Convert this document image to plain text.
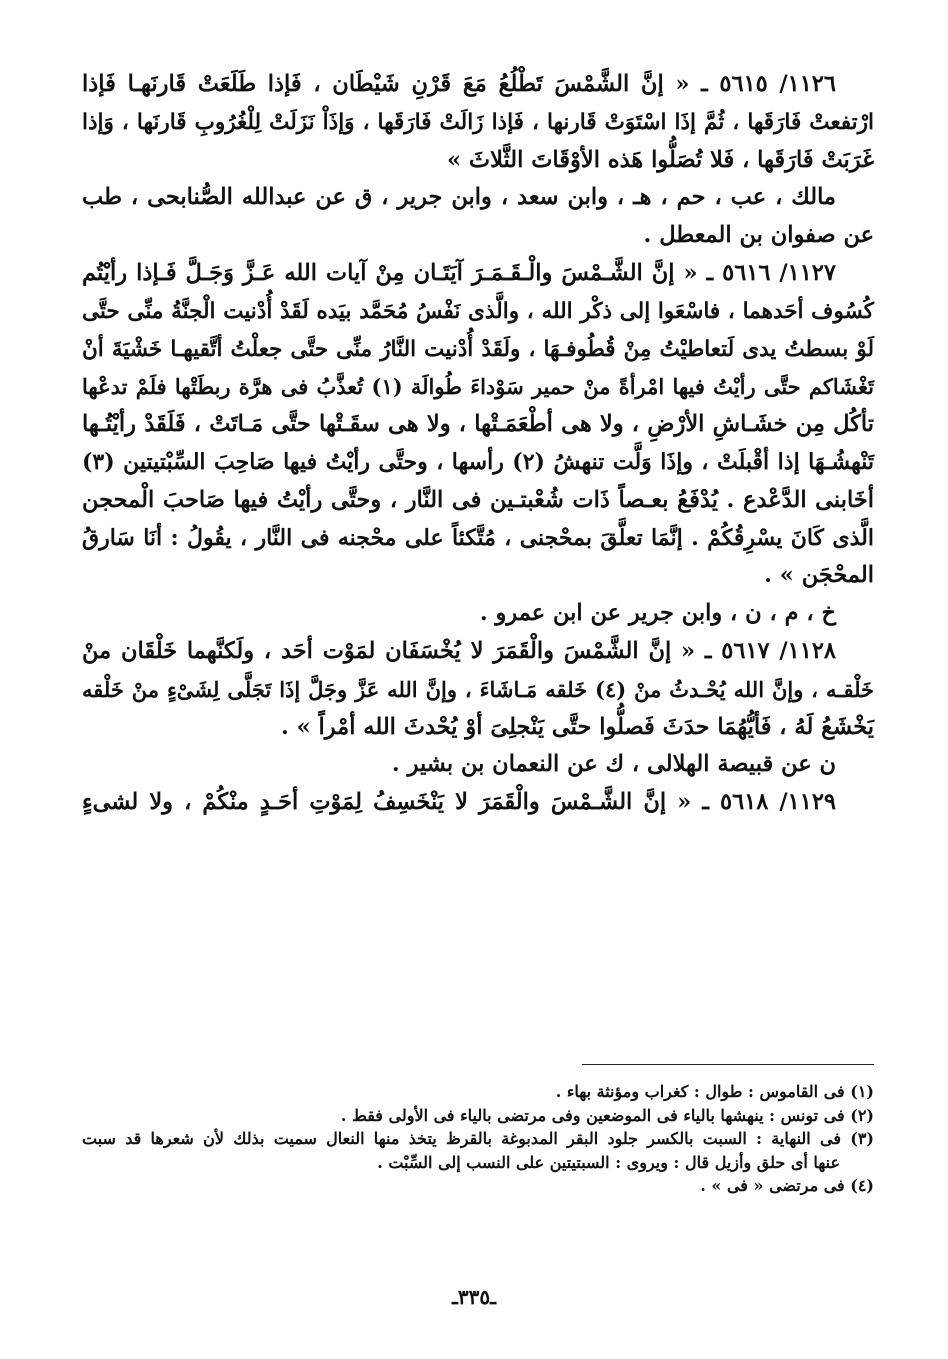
١١٢٦/ ٥٦١٥ ـ « إنَّ الشَّمْسَ تَطْلُعُ مَعَ قَرْنِ شَيْطَان ، فَإذا طَلَعَتْ قَارنَهـا فَإذا
ارْتفعتْ فَارَقَها ، ثُمَّ إذَا اسْتَوَتْ قَارنها ، فَإذا زَالَتْ فَارَقَها ، وَإذَاْ نَزَلَتْ لِلْغُرُوبِ قَارنَها ، وَإذا
غَرَبَتْ فَارَقَها ، فَلا تُصَلُّوا هَذه الأوْقَاتَ الثَّلاثَ »
مالك ، عب ، حم ، هـ ، وابن سعد ، وابن جرير ، ق عن عبدالله الصُّنابحى ، طب
عن صفوان بن المعطل .
١١٢٧/ ٥٦١٦ ـ « إنَّ الشَّـمْسَ والْـقَـمَـرَ آيَتَـان مِنْ آيات الله عَـزَّ وَجَـلَّ فَـإذا رأيْتُم
كُسُوف أحَدهما ، فاسْعَوا إلى ذكْر الله ، والَّذى نَفْسُ مُحَمَّد بيَده لَقَدْ أُدْنيت الْجنَّةُ منِّى حتَّى
لَوْ بسطتُ يدى لَتعاطيْتُ مِنْ قُطُوفـهَا ، ولَقَدْ أُدْنيت النَّارُ منِّى حتَّى جعلْتُ أتَّقيهـا خَشْيَةَ أنْ
تَغْشَاكم حتَّى رأيْتُ فيها امْرأةً منْ حمير سَوْداءَ طُوالَة (١) تُعذَّبُ فى هرَّة ربطَتْها فلَمْ تدعْها
تأكُل مِن خشَـاشِ الأرْضِ ، ولا هى أطْعَمَـتْها ، ولا هى سقَـتْها حتَّى مَـاتَتْ ، فَلَقَدْ رأيْتُـها
تَنْهشُـهَا إذا أقْبلَتْ ، وإذَا وَلَّت تنهشُ (٢) رأسها ، وحتَّى رأيْتُ فيها صَاحِبَ السِّبْتيتين (٣)
أخَابنى الدَّعْدع . يُدْفَعُ بعـصاً ذَات شُعْبتـين فى النَّار ، وحتَّى رأيْتُ فيها صَاحبَ الْمحجن
الَّذى كَانَ يسْرِقُكُمْ . إنَّمَا تعلَّقَ بمحْجنى ، مُتَّكئاً على محْجنه فى النَّار ، يقُولُ : أنَا سَارقُ
المحْجَن » .
خ ، م ، ن ، وابن جرير عن ابن عمرو .
١١٢٨/ ٥٦١٧ ـ « إنَّ الشَّمْسَ والْقَمَرَ لا يُخْسَفَان لمَوْت أحَد ، ولَكنَّهما خَلْقَان منْ
خَلْقـه ، وإنَّ الله يُحْـدثُ منْ (٤) خَلقه مَـاشَاءَ ، وإنَّ الله عَزَّ وجَلَّ إذَا تَجَلَّى لِشَىْءٍ منْ خَلْقه
يَخْشَعُ لَهُ ، فَأيُّهُمَا حدَثَ فَصلُّوا حتَّى يَنْجلِىَ أوْ يُحْدثَ الله أمْراً » .
ن عن قبيصة الهلالى ، ك عن النعمان بن بشير .
١١٢٩/ ٥٦١٨ ـ « إنَّ الشَّـمْسَ والْقَمَرَ لا يَنْخَسِفُ لِمَوْتِ أحَـدٍ منْكُمْ ، ولا لشىءٍ
(١) فى القاموس : طوال : كغراب ومؤنثة بهاء .
(٢) فى تونس : ينهشها بالياء فى الموضعين وفى مرتضى بالياء فى الأولى فقط .
(٣) فى النهاية : السبت بالكسر جلود البقر المدبوغة بالقرظ يتخذ منها النعال سميت بذلك لأن شعرها قد سبت
عنها أى حلق وأزيل قال : ويروى : السبتيتين على النسب إلى السِّبْت .
(٤) فى مرتضى « فى » .
ـ٣٣٥ـ
